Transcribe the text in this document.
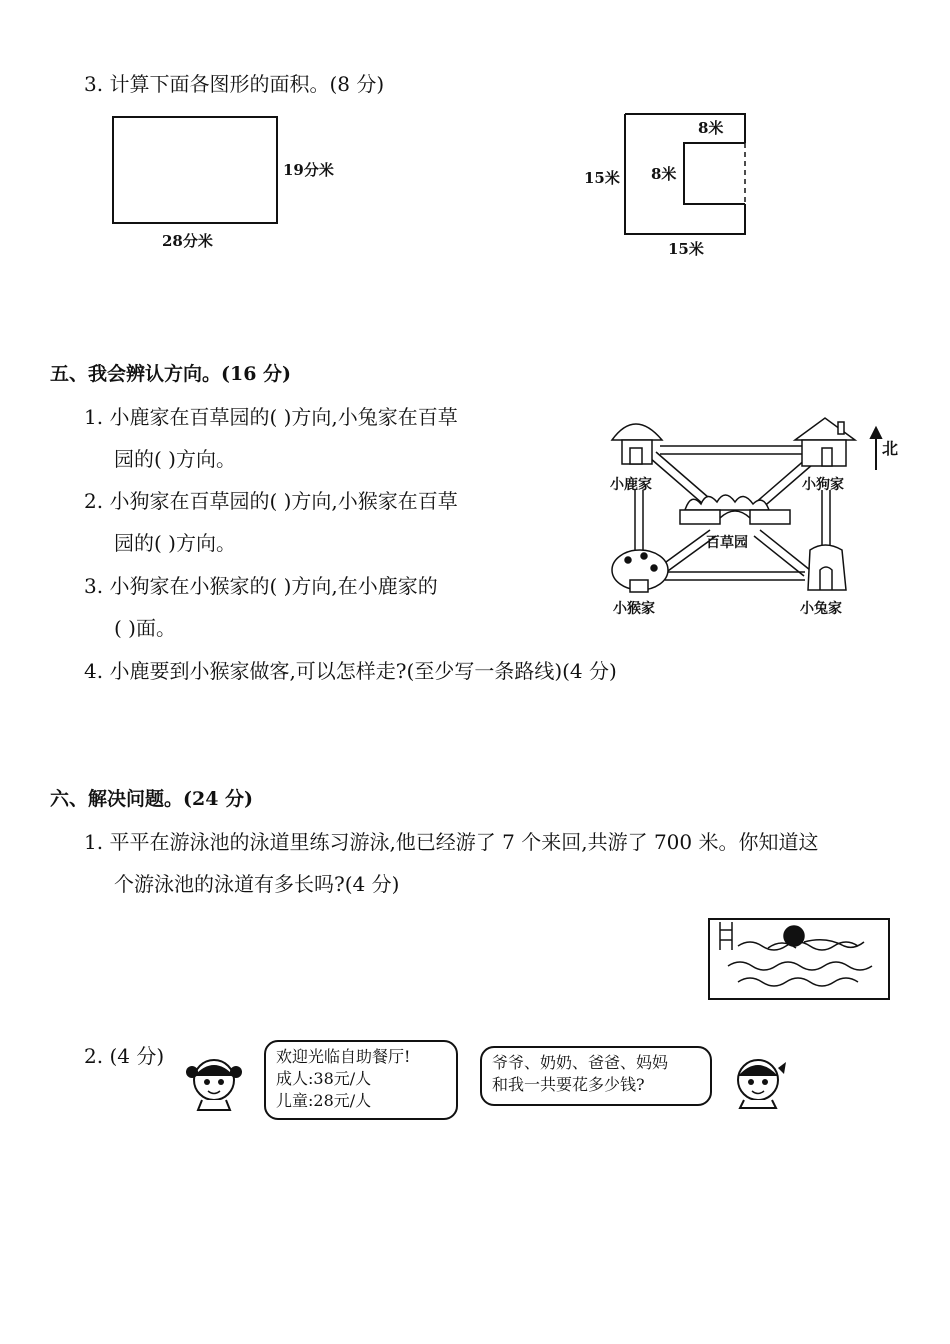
3. 计算下面各图形的面积。(8 分)
19分米
28分米
8米
8米
15米
15米
五、我会辨认方向。(16 分)
1. 小鹿家在百草园的( )方向,小兔家在百草
园的( )方向。
2. 小狗家在百草园的( )方向,小猴家在百草
园的( )方向。
3. 小狗家在小猴家的( )方向,在小鹿家的
( )面。
4. 小鹿要到小猴家做客,可以怎样走?(至少写一条路线)(4 分)
北
小鹿家	小狗家
百草园
小猴家	小兔家
六、解决问题。(24 分)
1. 平平在游泳池的泳道里练习游泳,他已经游了 7 个来回,共游了 700 米。你知道这
个游泳池的泳道有多长吗?(4 分)
2. (4 分)	欢迎光临自助餐厅!
成人:38元/人
儿童:28元/人
爷爷、奶奶、爸爸、妈妈
和我一共要花多少钱?
